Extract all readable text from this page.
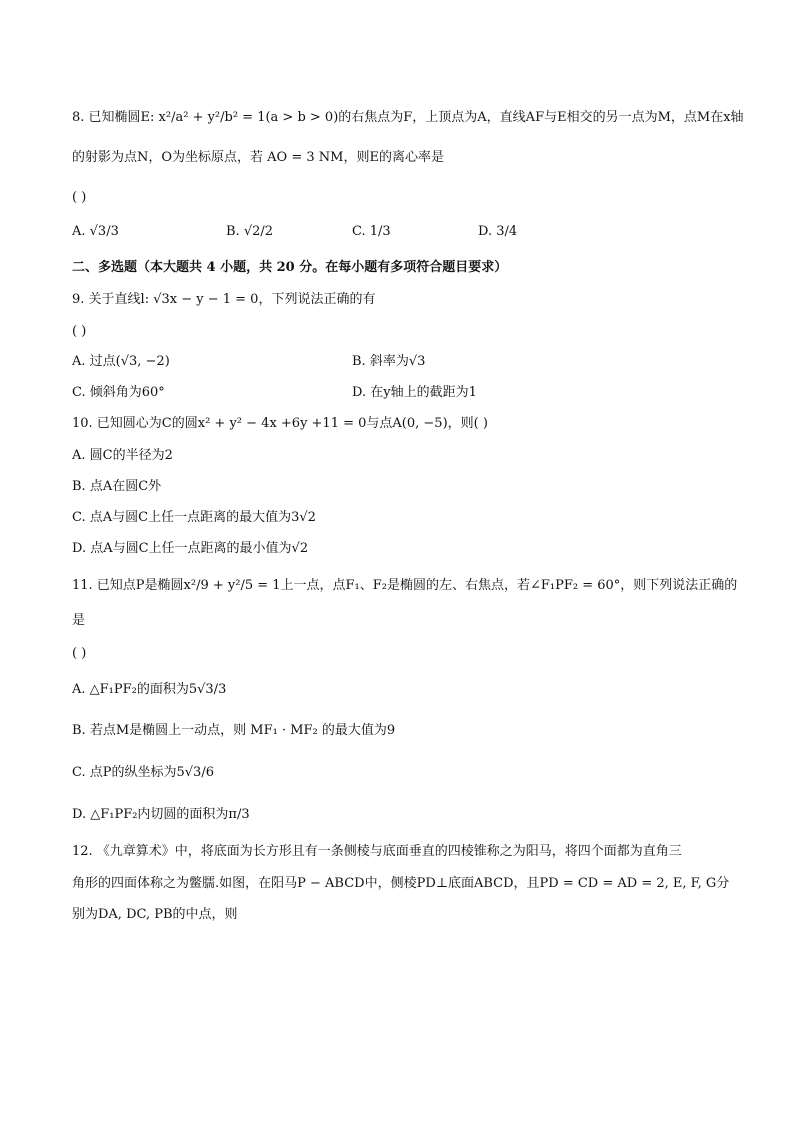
8. 已知椭圆E: x²/a² + y²/b² = 1(a > b > 0)的右焦点为F，上顶点为A，直线AF与E相交的另一点为M，点M在x轴
的射影为点N，O为坐标原点，若 AO = 3 NM，则E的离心率是
( )
A. √3/3	B. √2/2	C. 1/3	D. 3/4
二、多选题（本大题共 4 小题，共 20 分。在每小题有多项符合题目要求）
9. 关于直线l: √3x − y − 1 = 0，下列说法正确的有
( )
A. 过点(√3, −2)	B. 斜率为√3
C. 倾斜角为60°	D. 在y轴上的截距为1
10. 已知圆心为C的圆x² + y² − 4x +6y +11 = 0与点A(0, −5)，则( )
A. 圆C的半径为2
B. 点A在圆C外
C. 点A与圆C上任一点距离的最大值为3√2
D. 点A与圆C上任一点距离的最小值为√2
11. 已知点P是椭圆x²/9 + y²/5 = 1上一点，点F₁、F₂是椭圆的左、右焦点，若∠F₁PF₂ = 60°，则下列说法正确的
是
( )
A. △F₁PF₂的面积为5√3/3
B. 若点M是椭圆上一动点，则 MF₁ · MF₂ 的最大值为9
C. 点P的纵坐标为5√3/6
D. △F₁PF₂内切圆的面积为π/3
12. 《九章算术》中，将底面为长方形且有一条侧棱与底面垂直的四棱锥称之为阳马，将四个面都为直角三
角形的四面体称之为鳖臑.如图，在阳马P − ABCD中，侧棱PD⊥底面ABCD，且PD = CD = AD = 2, E, F, G分
别为DA, DC, PB的中点，则
